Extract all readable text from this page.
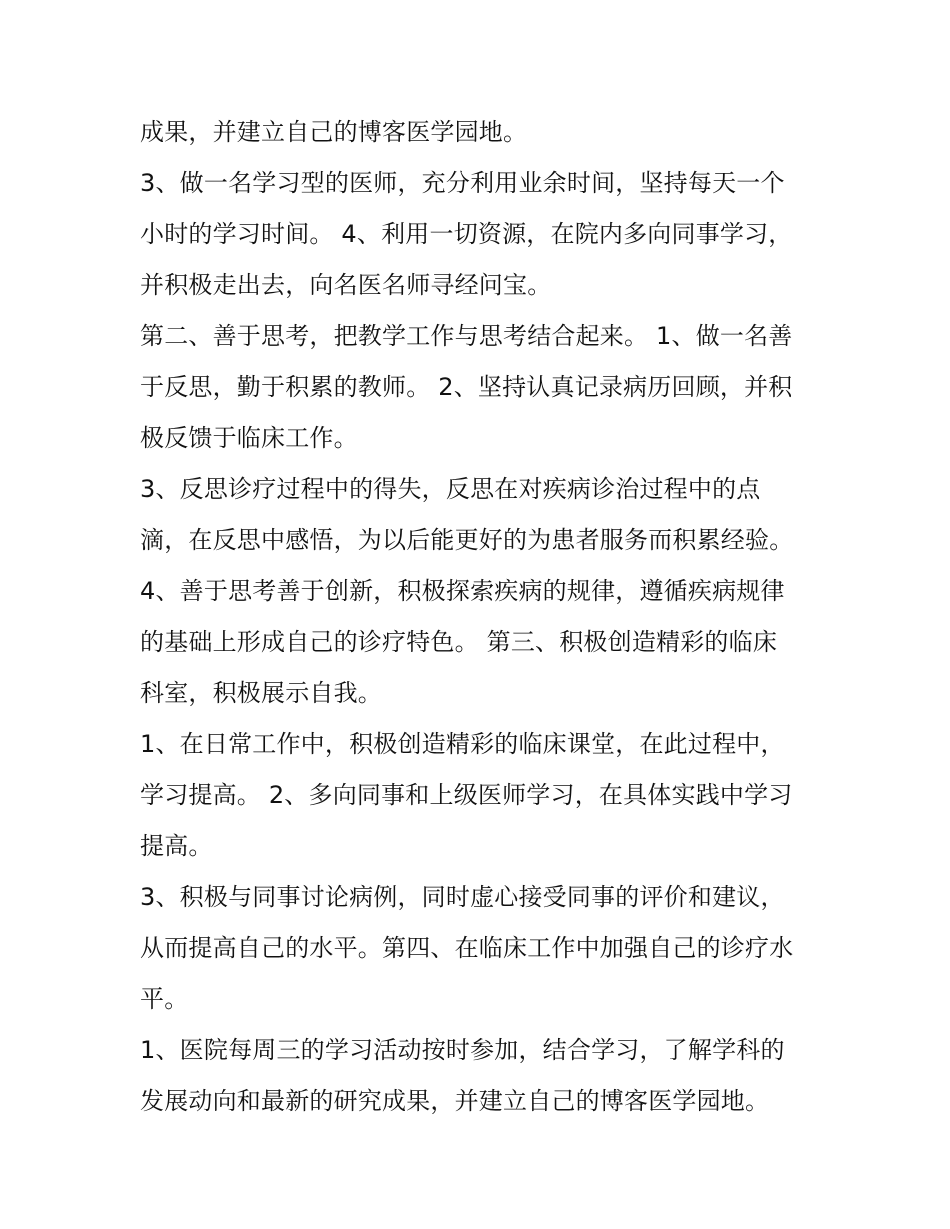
成果，并建立自己的博客医学园地。
3、做一名学习型的医师，充分利用业余时间，坚持每天一个
小时的学习时间。 4、利用一切资源，在院内多向同事学习，
并积极走出去，向名医名师寻经问宝。
第二、善于思考，把教学工作与思考结合起来。 1、做一名善
于反思，勤于积累的教师。 2、坚持认真记录病历回顾，并积
极反馈于临床工作。
3、反思诊疗过程中的得失，反思在对疾病诊治过程中的点
滴，在反思中感悟，为以后能更好的为患者服务而积累经验。
4、善于思考善于创新，积极探索疾病的规律，遵循疾病规律
的基础上形成自己的诊疗特色。 第三、积极创造精彩的临床
科室，积极展示自我。
1、在日常工作中，积极创造精彩的临床课堂，在此过程中，
学习提高。 2、多向同事和上级医师学习，在具体实践中学习
提高。
3、积极与同事讨论病例，同时虚心接受同事的评价和建议，
从而提高自己的水平。第四、在临床工作中加强自己的诊疗水
平。
1、医院每周三的学习活动按时参加，结合学习，了解学科的
发展动向和最新的研究成果，并建立自己的博客医学园地。
